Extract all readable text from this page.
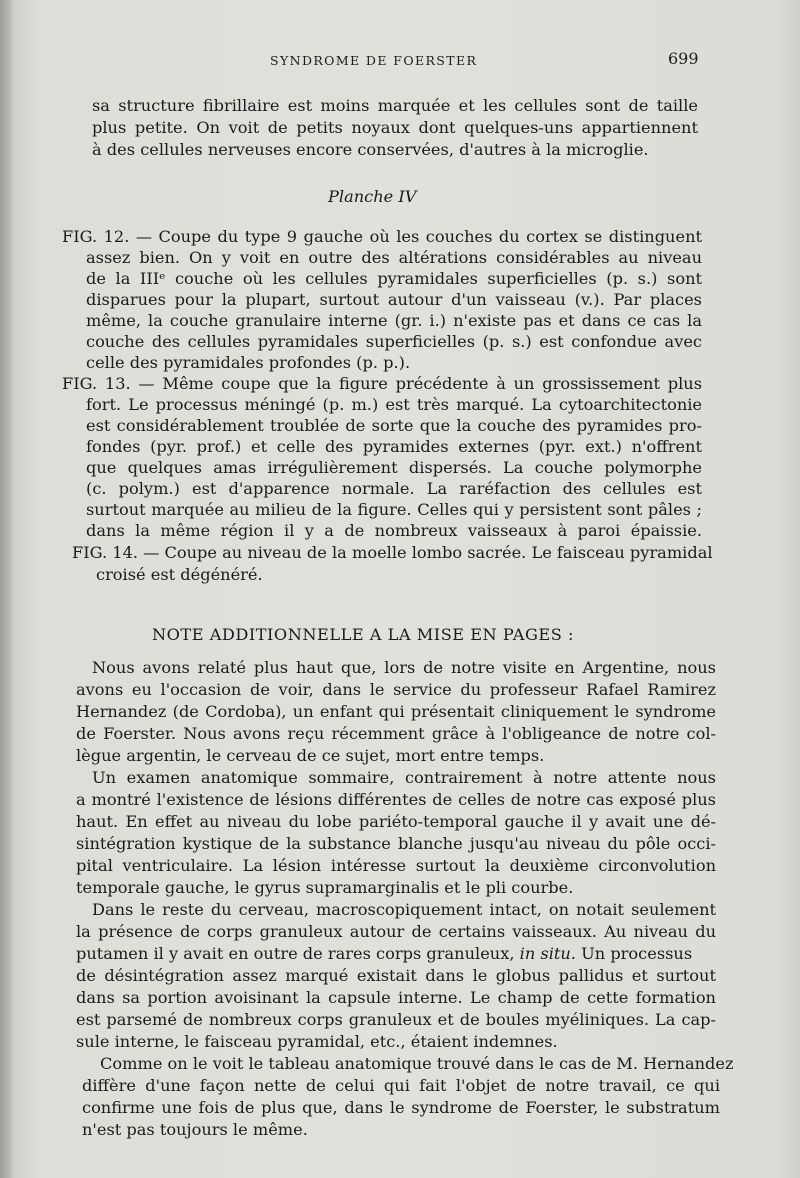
SYNDROME DE FOERSTER	699
sa structure fibrillaire est moins marquée et les cellules sont de taille
plus petite. On voit de petits noyaux dont quelques-uns appartiennent
à des cellules nerveuses encore conservées, d'autres à la microglie.
Planche IV
FIG. 12. — Coupe du type 9 gauche où les couches du cortex se distinguent
assez bien. On y voit en outre des altérations considérables au niveau
de la IIIᵉ couche où les cellules pyramidales superficielles (p. s.) sont
disparues pour la plupart, surtout autour d'un vaisseau (v.). Par places
même, la couche granulaire interne (gr. i.) n'existe pas et dans ce cas la
couche des cellules pyramidales superficielles (p. s.) est confondue avec
celle des pyramidales profondes (p. p.).
FIG. 13. — Même coupe que la figure précédente à un grossissement plus
fort. Le processus méningé (p. m.) est très marqué. La cytoarchitectonie
est considérablement troublée de sorte que la couche des pyramides pro-
fondes (pyr. prof.) et celle des pyramides externes (pyr. ext.) n'offrent
que quelques amas irrégulièrement dispersés. La couche polymorphe
(c. polym.) est d'apparence normale. La raréfaction des cellules est
surtout marquée au milieu de la figure. Celles qui y persistent sont pâles ;
dans la même région il y a de nombreux vaisseaux à paroi épaissie.
FIG. 14. — Coupe au niveau de la moelle lombo sacrée. Le faisceau pyramidal
croisé est dégénéré.
NOTE ADDITIONNELLE A LA MISE EN PAGES :
Nous avons relaté plus haut que, lors de notre visite en Argentine, nous
avons eu l'occasion de voir, dans le service du professeur Rafael Ramirez
Hernandez (de Cordoba), un enfant qui présentait cliniquement le syndrome
de Foerster. Nous avons reçu récemment grâce à l'obligeance de notre col-
lègue argentin, le cerveau de ce sujet, mort entre temps.
Un examen anatomique sommaire, contrairement à notre attente nous
a montré l'existence de lésions différentes de celles de notre cas exposé plus
haut. En effet au niveau du lobe pariéto-temporal gauche il y avait une dé-
sintégration kystique de la substance blanche jusqu'au niveau du pôle occi-
pital ventriculaire. La lésion intéresse surtout la deuxième circonvolution
temporale gauche, le gyrus supramarginalis et le pli courbe.
Dans le reste du cerveau, macroscopiquement intact, on notait seulement
la présence de corps granuleux autour de certains vaisseaux. Au niveau du
putamen il y avait en outre de rares corps granuleux, in situ. Un processus
de désintégration assez marqué existait dans le globus pallidus et surtout
dans sa portion avoisinant la capsule interne. Le champ de cette formation
est parsemé de nombreux corps granuleux et de boules myéliniques. La cap-
sule interne, le faisceau pyramidal, etc., étaient indemnes.
Comme on le voit le tableau anatomique trouvé dans le cas de M. Hernandez
diffère d'une façon nette de celui qui fait l'objet de notre travail, ce qui
confirme une fois de plus que, dans le syndrome de Foerster, le substratum
n'est pas toujours le même.
